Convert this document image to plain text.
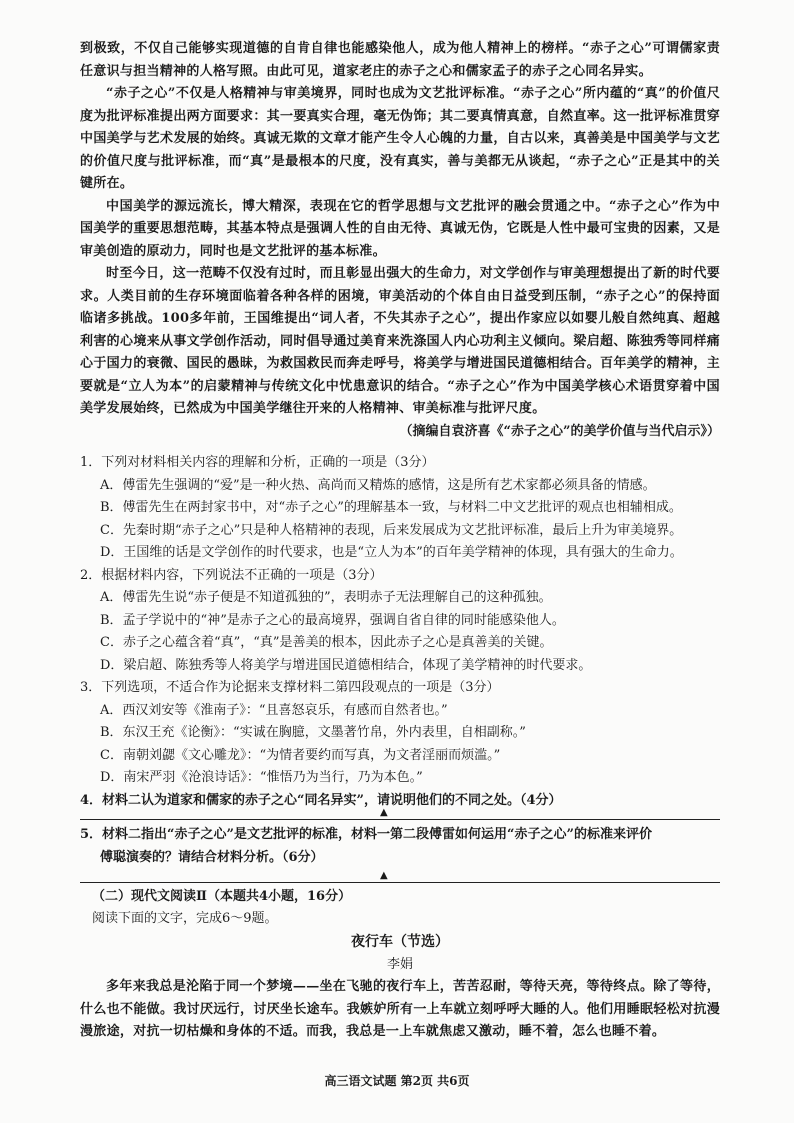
到极致，不仅自己能够实现道德的自肯自律也能感染他人，成为他人精神上的榜样。“赤子之心”可谓儒家责任意识与担当精神的人格写照。由此可见，道家老庄的赤子之心和儒家孟子的赤子之心同名异实。

“赤子之心”不仅是人格精神与审美境界，同时也成为文艺批评标准。“赤子之心”所内蕴的“真”的价值尺度为批评标准提出两方面要求：其一要真实合理，毫无伪饰；其二要真情真意，自然直率。这一批评标准贯穿中国美学与艺术发展的始终。真诚无欺的文章才能产生令人心魄的力量，自古以来，真善美是中国美学与文艺的价值尺度与批评标准，而“真”是最根本的尺度，没有真实，善与美都无从谈起，“赤子之心”正是其中的关键所在。

中国美学的源远流长，博大精深，表现在它的哲学思想与文艺批评的融会贯通之中。“赤子之心”作为中国美学的重要思想范畴，其基本特点是强调人性的自由无待、真诚无伪，它既是人性中最可宝贵的因素，又是审美创造的原动力，同时也是文艺批评的基本标准。

时至今日，这一范畴不仅没有过时，而且彰显出强大的生命力，对文学创作与审美理想提出了新的时代要求。人类目前的生存环境面临着各种各样的困境，审美活动的个体自由日益受到压制，“赤子之心”的保持面临诸多挑战。100多年前，王国维提出“词人者，不失其赤子之心”，提出作家应以如婴儿般自然纯真、超越利害的心境来从事文学创作活动，同时倡导通过美育来洗涤国人内心功利主义倾向。梁启超、陈独秀等同样痛心于国力的衰微、国民的愚昧，为救国救民而奔走呼号，将美学与增进国民道德相结合。百年美学的精神，主要就是“立人为本”的启蒙精神与传统文化中忧患意识的结合。“赤子之心”作为中国美学核心术语贯穿着中国美学发展始终，已然成为中国美学继往开来的人格精神、审美标准与批评尺度。

（摘编自袁济喜《“赤子之心”的美学价值与当代启示》）

1．下列对材料相关内容的理解和分析，正确的一项是（3分）

A．傅雷先生强调的“爱”是一种火热、高尚而又精炼的感情，这是所有艺术家都必须具备的情感。

B．傅雷先生在两封家书中，对“赤子之心”的理解基本一致，与材料二中文艺批评的观点也相辅相成。

C．先秦时期“赤子之心”只是种人格精神的表现，后来发展成为文艺批评标准，最后上升为审美境界。

D．王国维的话是文学创作的时代要求，也是“立人为本”的百年美学精神的体现，具有强大的生命力。

2．根据材料内容，下列说法不正确的一项是（3分）

A．傅雷先生说“赤子便是不知道孤独的”，表明赤子无法理解自己的这种孤独。

B．孟子学说中的“神”是赤子之心的最高境界，强调自省自律的同时能感染他人。

C．赤子之心蕴含着“真”，“真”是善美的根本，因此赤子之心是真善美的关键。

D．梁启超、陈独秀等人将美学与增进国民道德相结合，体现了美学精神的时代要求。

3．下列选项，不适合作为论据来支撑材料二第四段观点的一项是（3分）

A．西汉刘安等《淮南子》：“且喜怒哀乐，有感而自然者也。”

B．东汉王充《论衡》：“实诚在胸臆，文墨著竹帛，外内表里，自相副称。”

C．南朝刘勰《文心雕龙》：“为情者要约而写真，为文者淫丽而烦滥。”

D．南宋严羽《沧浪诗话》：“惟悟乃为当行，乃为本色。”

4．材料二认为道家和儒家的赤子之心“同名异实”，请说明他们的不同之处。（4分）

▲

5．材料二指出“赤子之心”是文艺批评的标准，材料一第二段傅雷如何运用“赤子之心”的标准来评价

傅聪演奏的？请结合材料分析。（6分）

▲

（二）现代文阅读Ⅱ（本题共4小题，16分）

阅读下面的文字，完成6～9题。

夜行车（节选）

李娟

多年来我总是沦陷于同一个梦境——坐在飞驰的夜行车上，苦苦忍耐，等待天亮，等待终点。除了等待，什么也不能做。我讨厌远行，讨厌坐长途车。我嫉妒所有一上车就立刻呼呼大睡的人。他们用睡眠轻松对抗漫漫旅途，对抗一切枯燥和身体的不适。而我，我总是一上车就焦虑又激动，睡不着，怎么也睡不着。

高三语文试题 第2页 共6页
